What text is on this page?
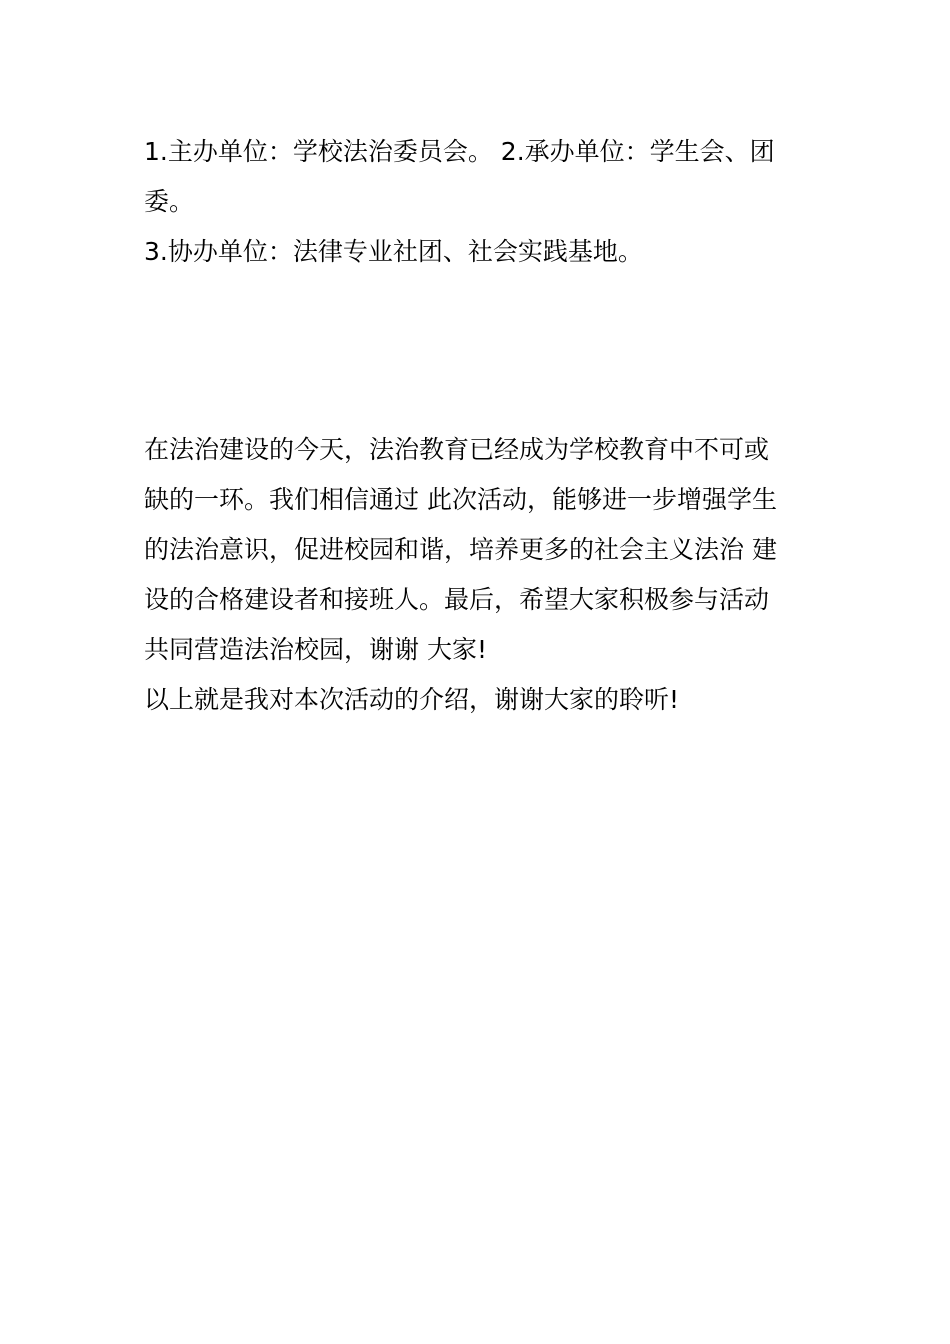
1.主办单位：学校法治委员会。 2.承办单位：学生会、团
委。
3.协办单位：法律专业社团、社会实践基地。
在法治建设的今天，法治教育已经成为学校教育中不可或
缺的一环。我们相信通过 此次活动，能够进一步增强学生
的法治意识，促进校园和谐，培养更多的社会主义法治 建
设的合格建设者和接班人。最后，希望大家积极参与活动
共同营造法治校园，谢谢 大家!
以上就是我对本次活动的介绍，谢谢大家的聆听!
